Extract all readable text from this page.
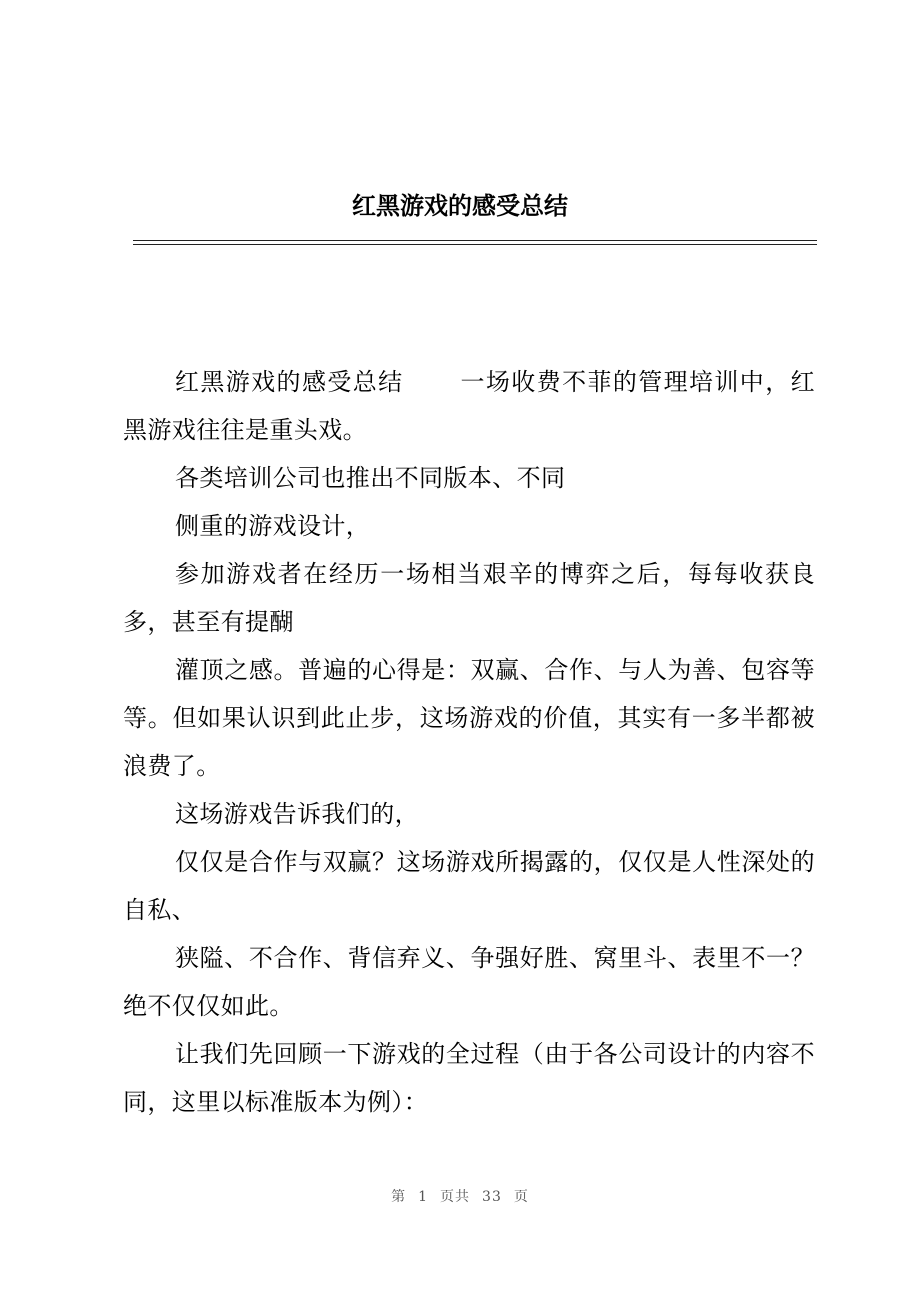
红黑游戏的感受总结

红黑游戏的感受总结 一场收费不菲的管理培训中，红黑游戏往往是重头戏。

各类培训公司也推出不同版本、不同

侧重的游戏设计，

参加游戏者在经历一场相当艰辛的博弈之后，每每收获良多，甚至有提醐

灌顶之感。普遍的心得是：双赢、合作、与人为善、包容等等。但如果认识到此止步，这场游戏的价值，其实有一多半都被浪费了。

这场游戏告诉我们的，

仅仅是合作与双赢？这场游戏所揭露的，仅仅是人性深处的自私、

狭隘、不合作、背信弃义、争强好胜、窝里斗、表里不一？绝不仅仅如此。

让我们先回顾一下游戏的全过程（由于各公司设计的内容不同，这里以标准版本为例）：

第 1 页共 33 页
